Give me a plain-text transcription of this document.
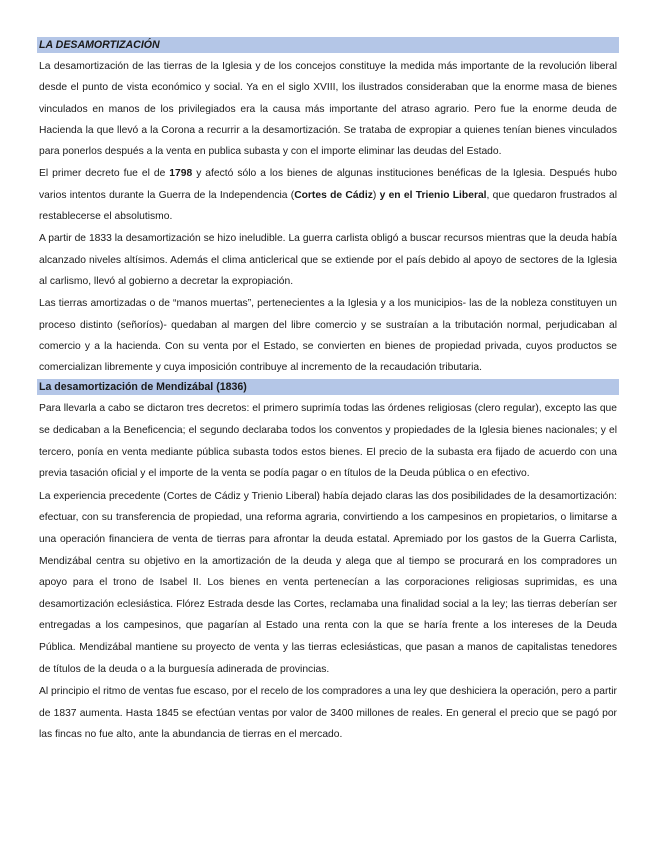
LA DESAMORTIZACIÓN

La desamortización de las tierras de la Iglesia y de los concejos constituye la medida más importante de la revolución liberal desde el punto de vista económico y social. Ya en el siglo XVIII, los ilustrados consideraban que la enorme masa de bienes vinculados en manos de los privilegiados era la causa más importante del atraso agrario. Pero fue la enorme deuda de Hacienda la que llevó a la Corona a recurrir a la desamortización. Se trataba de expropiar a quienes tenían bienes vinculados para ponerlos después a la venta en publica subasta y con el importe eliminar las deudas del Estado.

El primer decreto fue el de 1798 y afectó sólo a los bienes de algunas instituciones benéficas de la Iglesia. Después hubo varios intentos durante la Guerra de la Independencia (Cortes de Cádiz) y en el Trienio Liberal, que quedaron frustrados al restablecerse el absolutismo.

A partir de 1833 la desamortización se hizo ineludible. La guerra carlista obligó a buscar recursos mientras que la deuda había alcanzado niveles altísimos. Además el clima anticlerical que se extiende por el país debido al apoyo de sectores de la Iglesia al carlismo, llevó al gobierno a decretar la expropiación.

Las tierras amortizadas o de “manos muertas”, pertenecientes a la Iglesia y a los municipios- las de la nobleza constituyen un proceso distinto (señoríos)- quedaban al margen del libre comercio y se sustraían a la tributación normal, perjudicaban al comercio y a la hacienda. Con su venta por el Estado, se convierten en bienes de propiedad privada, cuyos productos se comercializan libremente y cuya imposición contribuye al incremento de la recaudación tributaria.

La desamortización de Mendizábal (1836)

Para llevarla a cabo se dictaron tres decretos: el primero suprimía todas las órdenes religiosas (clero regular), excepto las que se dedicaban a la Beneficencia; el segundo declaraba todos los conventos y propiedades de la Iglesia bienes nacionales; y el tercero, ponía en venta mediante pública subasta todos estos bienes. El precio de la subasta era fijado de acuerdo con una previa tasación oficial y el importe de la venta se podía pagar o en títulos de la Deuda pública o en efectivo.

La experiencia precedente (Cortes de Cádiz y Trienio Liberal) había dejado claras las dos posibilidades de la desamortización: efectuar, con su transferencia de propiedad, una reforma agraria, convirtiendo a los campesinos en propietarios, o limitarse a una operación financiera de venta de tierras para afrontar la deuda estatal. Apremiado por los gastos de la Guerra Carlista, Mendizábal centra su objetivo en la amortización de la deuda y alega que al tiempo se procurará en los compradores un apoyo para el trono de Isabel II. Los bienes en venta pertenecían a las corporaciones religiosas suprimidas, es una desamortización eclesiástica. Flórez Estrada desde las Cortes, reclamaba una finalidad social a la ley; las tierras deberían ser entregadas a los campesinos, que pagarían al Estado una renta con la que se haría frente a los intereses de la Deuda Pública. Mendizábal mantiene su proyecto de venta y las tierras eclesiásticas, que pasan a manos de capitalistas tenedores de títulos de la deuda o a la burguesía adinerada de provincias.

Al principio el ritmo de ventas fue escaso, por el recelo de los compradores a una ley que deshiciera la operación, pero a partir de 1837 aumenta. Hasta 1845 se efectúan ventas por valor de 3400 millones de reales. En general el precio que se pagó por las fincas no fue alto, ante la abundancia de tierras en el mercado.
